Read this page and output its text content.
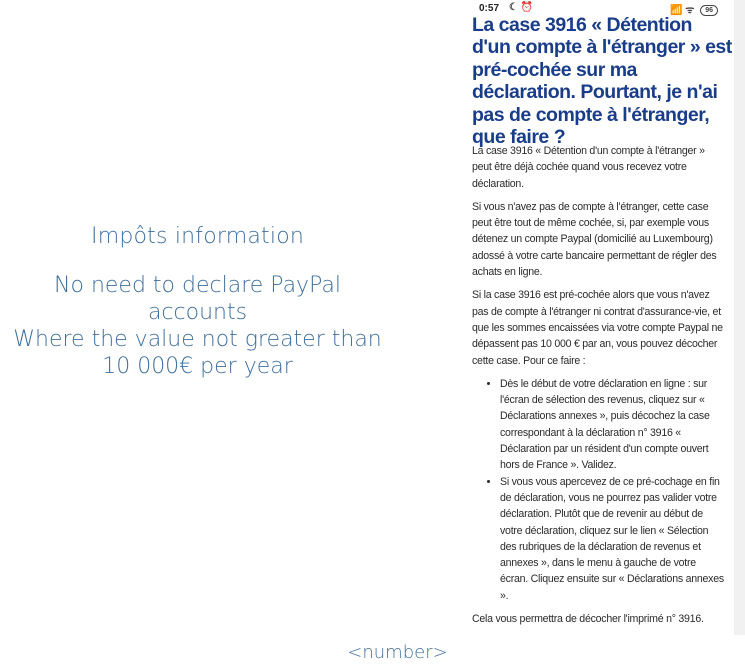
Impôts information
No need to declare PayPal
accounts
Where the value not greater than
10 000€ per year
0:57 ☾ ⏰	📶 ᯤ 96
La case 3916 « Détention d'un compte à l'étranger » est pré-cochée sur ma déclaration. Pourtant, je n'ai pas de compte à l'étranger, que faire ?

La case 3916 « Détention d'un compte à l'étranger » peut être déjà cochée quand vous recevez votre déclaration.

Si vous n'avez pas de compte à l'étranger, cette case peut être tout de même cochée, si, par exemple vous détenez un compte Paypal (domicilié au Luxembourg) adossé à votre carte bancaire permettant de régler des achats en ligne.

Si la case 3916 est pré-cochée alors que vous n'avez pas de compte à l'étranger ni contrat d'assurance-vie, et que les sommes encaissées via votre compte Paypal ne dépassent pas 10 000 € par an, vous pouvez décocher cette case. Pour ce faire :

• Dès le début de votre déclaration en ligne : sur l'écran de sélection des revenus, cliquez sur « Déclarations annexes », puis décochez la case correspondant à la déclaration n° 3916 « Déclaration par un résident d'un compte ouvert hors de France ». Validez.
• Si vous vous apercevez de ce pré-cochage en fin de déclaration, vous ne pourrez pas valider votre déclaration. Plutôt que de revenir au début de votre déclaration, cliquez sur le lien « Sélection des rubriques de la déclaration de revenus et annexes », dans le menu à gauche de votre écran. Cliquez ensuite sur « Déclarations annexes ».

Cela vous permettra de décocher l'imprimé n° 3916.

<number>
